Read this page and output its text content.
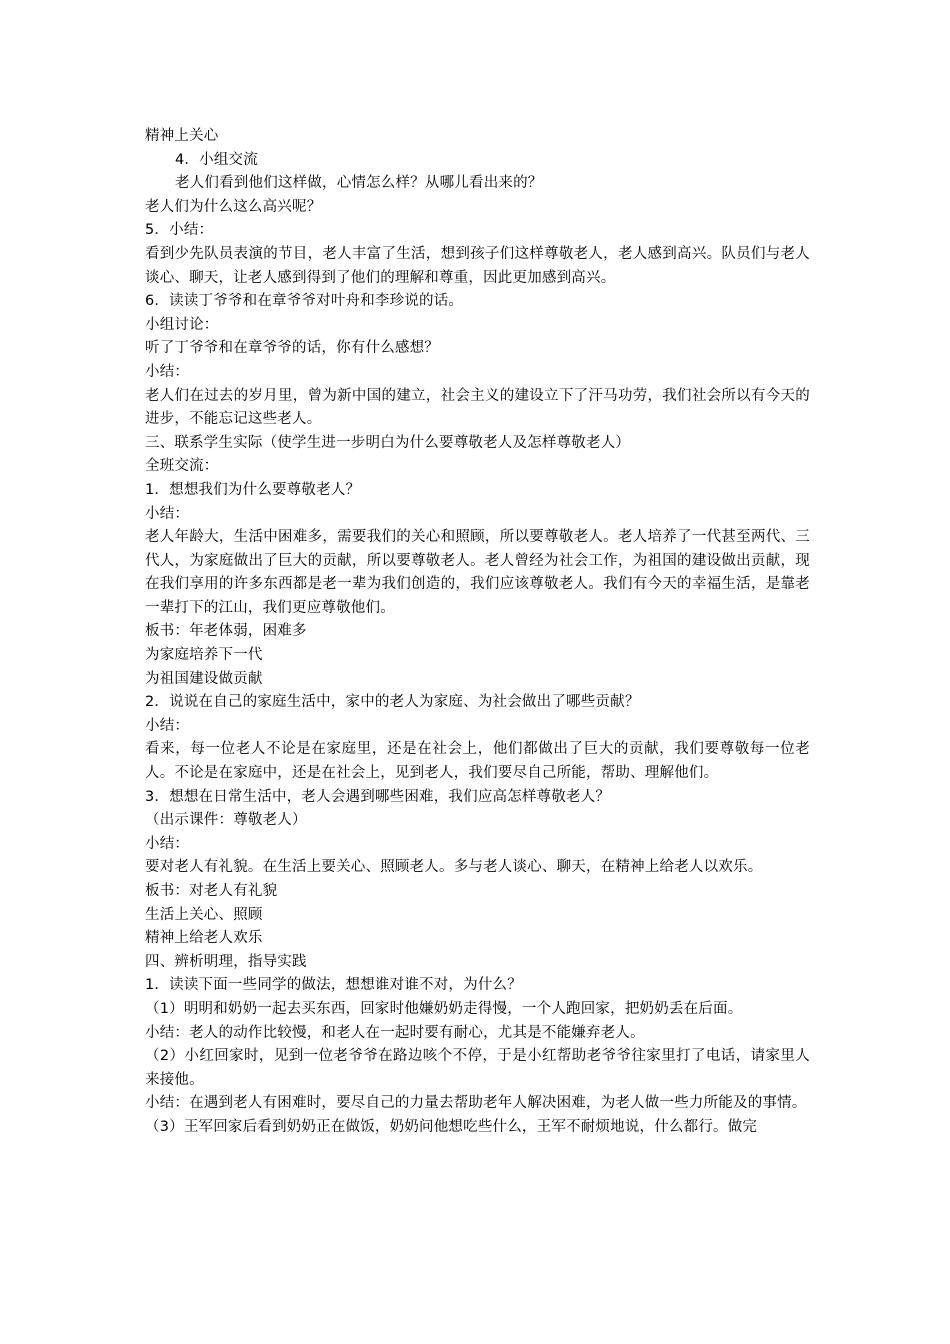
精神上关心

4．小组交流

老人们看到他们这样做，心情怎么样？从哪儿看出来的？

老人们为什么这么高兴呢？

5．小结：

看到少先队员表演的节目，老人丰富了生活，想到孩子们这样尊敬老人，老人感到高兴。队员们与老人谈心、聊天，让老人感到得到了他们的理解和尊重，因此更加感到高兴。

6．读读丁爷爷和在章爷爷对叶舟和李珍说的话。

小组讨论：

听了丁爷爷和在章爷爷的话，你有什么感想？

小结：

老人们在过去的岁月里，曾为新中国的建立，社会主义的建设立下了汗马功劳，我们社会所以有今天的进步，不能忘记这些老人。

三、联系学生实际（使学生进一步明白为什么要尊敬老人及怎样尊敬老人）

全班交流：

1．想想我们为什么要尊敬老人？

小结：

老人年龄大，生活中困难多，需要我们的关心和照顾，所以要尊敬老人。老人培养了一代甚至两代、三代人，为家庭做出了巨大的贡献，所以要尊敬老人。老人曾经为社会工作，为祖国的建设做出贡献，现在我们享用的许多东西都是老一辈为我们创造的，我们应该尊敬老人。我们有今天的幸福生活，是靠老一辈打下的江山，我们更应尊敬他们。

板书：年老体弱，困难多

为家庭培养下一代

为祖国建设做贡献

2．说说在自己的家庭生活中，家中的老人为家庭、为社会做出了哪些贡献？

小结：

看来，每一位老人不论是在家庭里，还是在社会上，他们都做出了巨大的贡献，我们要尊敬每一位老人。不论是在家庭中，还是在社会上，见到老人，我们要尽自己所能，帮助、理解他们。

3．想想在日常生活中，老人会遇到哪些困难，我们应高怎样尊敬老人？

（出示课件：尊敬老人）

小结：

要对老人有礼貌。在生活上要关心、照顾老人。多与老人谈心、聊天，在精神上给老人以欢乐。

板书：对老人有礼貌

生活上关心、照顾

精神上给老人欢乐

四、辨析明理，指导实践

1．读读下面一些同学的做法，想想谁对谁不对，为什么？

（1）明明和奶奶一起去买东西，回家时他嫌奶奶走得慢，一个人跑回家，把奶奶丢在后面。

小结：老人的动作比较慢，和老人在一起时要有耐心，尤其是不能嫌弃老人。

（2）小红回家时，见到一位老爷爷在路边咳个不停，于是小红帮助老爷爷往家里打了电话，请家里人来接他。

小结：在遇到老人有困难时，要尽自己的力量去帮助老年人解决困难，为老人做一些力所能及的事情。

（3）王军回家后看到奶奶正在做饭，奶奶问他想吃些什么，王军不耐烦地说，什么都行。做完
